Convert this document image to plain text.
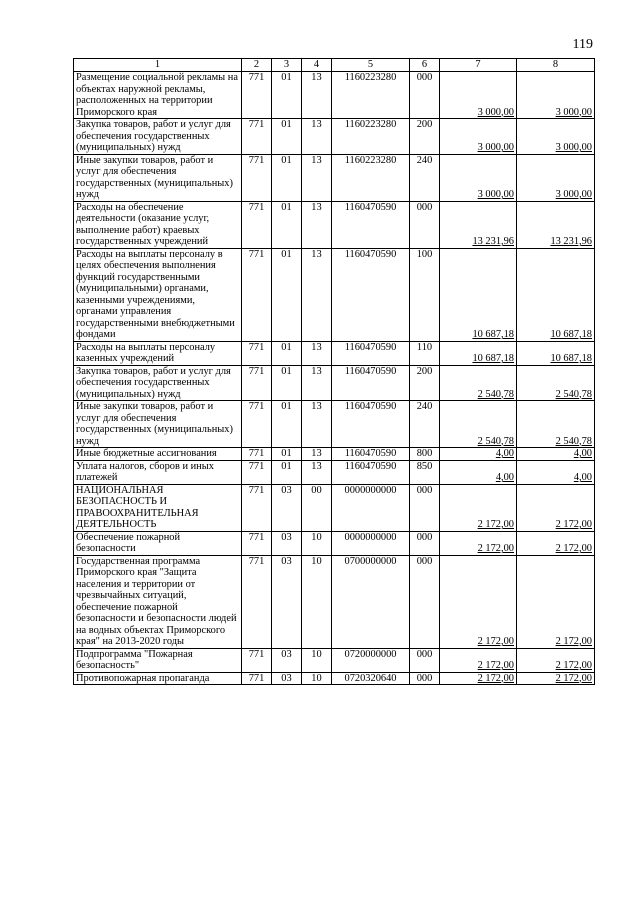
119
1	2	3	4	5	6	7	8
Размещение социальной рекламы на объектах наружной рекламы, расположенных на территории Приморского края	771	01	13	1160223280	000	3 000,00	3 000,00
Закупка товаров, работ и услуг для обеспечения государственных (муниципальных) нужд	771	01	13	1160223280	200	3 000,00	3 000,00
Иные закупки товаров, работ и услуг для обеспечения государственных (муниципальных) нужд	771	01	13	1160223280	240	3 000,00	3 000,00
Расходы на обеспечение деятельности (оказание услуг, выполнение работ) краевых государственных учреждений	771	01	13	1160470590	000	13 231,96	13 231,96
Расходы на выплаты персоналу в целях обеспечения выполнения функций государственными (муниципальными) органами, казенными учреждениями, органами управления государственными внебюджетными фондами	771	01	13	1160470590	100	10 687,18	10 687,18
Расходы на выплаты персоналу казенных учреждений	771	01	13	1160470590	110	10 687,18	10 687,18
Закупка товаров, работ и услуг для обеспечения государственных (муниципальных) нужд	771	01	13	1160470590	200	2 540,78	2 540,78
Иные закупки товаров, работ и услуг для обеспечения государственных (муниципальных) нужд	771	01	13	1160470590	240	2 540,78	2 540,78
Иные бюджетные ассигнования	771	01	13	1160470590	800	4,00	4,00
Уплата налогов, сборов и иных платежей	771	01	13	1160470590	850	4,00	4,00
НАЦИОНАЛЬНАЯ БЕЗОПАСНОСТЬ И ПРАВООХРАНИТЕЛЬНАЯ ДЕЯТЕЛЬНОСТЬ	771	03	00	0000000000	000	2 172,00	2 172,00
Обеспечение пожарной безопасности	771	03	10	0000000000	000	2 172,00	2 172,00
Государственная программа Приморского края "Защита населения и территории от чрезвычайных ситуаций, обеспечение пожарной безопасности и безопасности людей на водных объектах Приморского края" на 2013-2020 годы	771	03	10	0700000000	000	2 172,00	2 172,00
Подпрограмма "Пожарная безопасность"	771	03	10	0720000000	000	2 172,00	2 172,00
Противопожарная пропаганда	771	03	10	0720320640	000	2 172,00	2 172,00
